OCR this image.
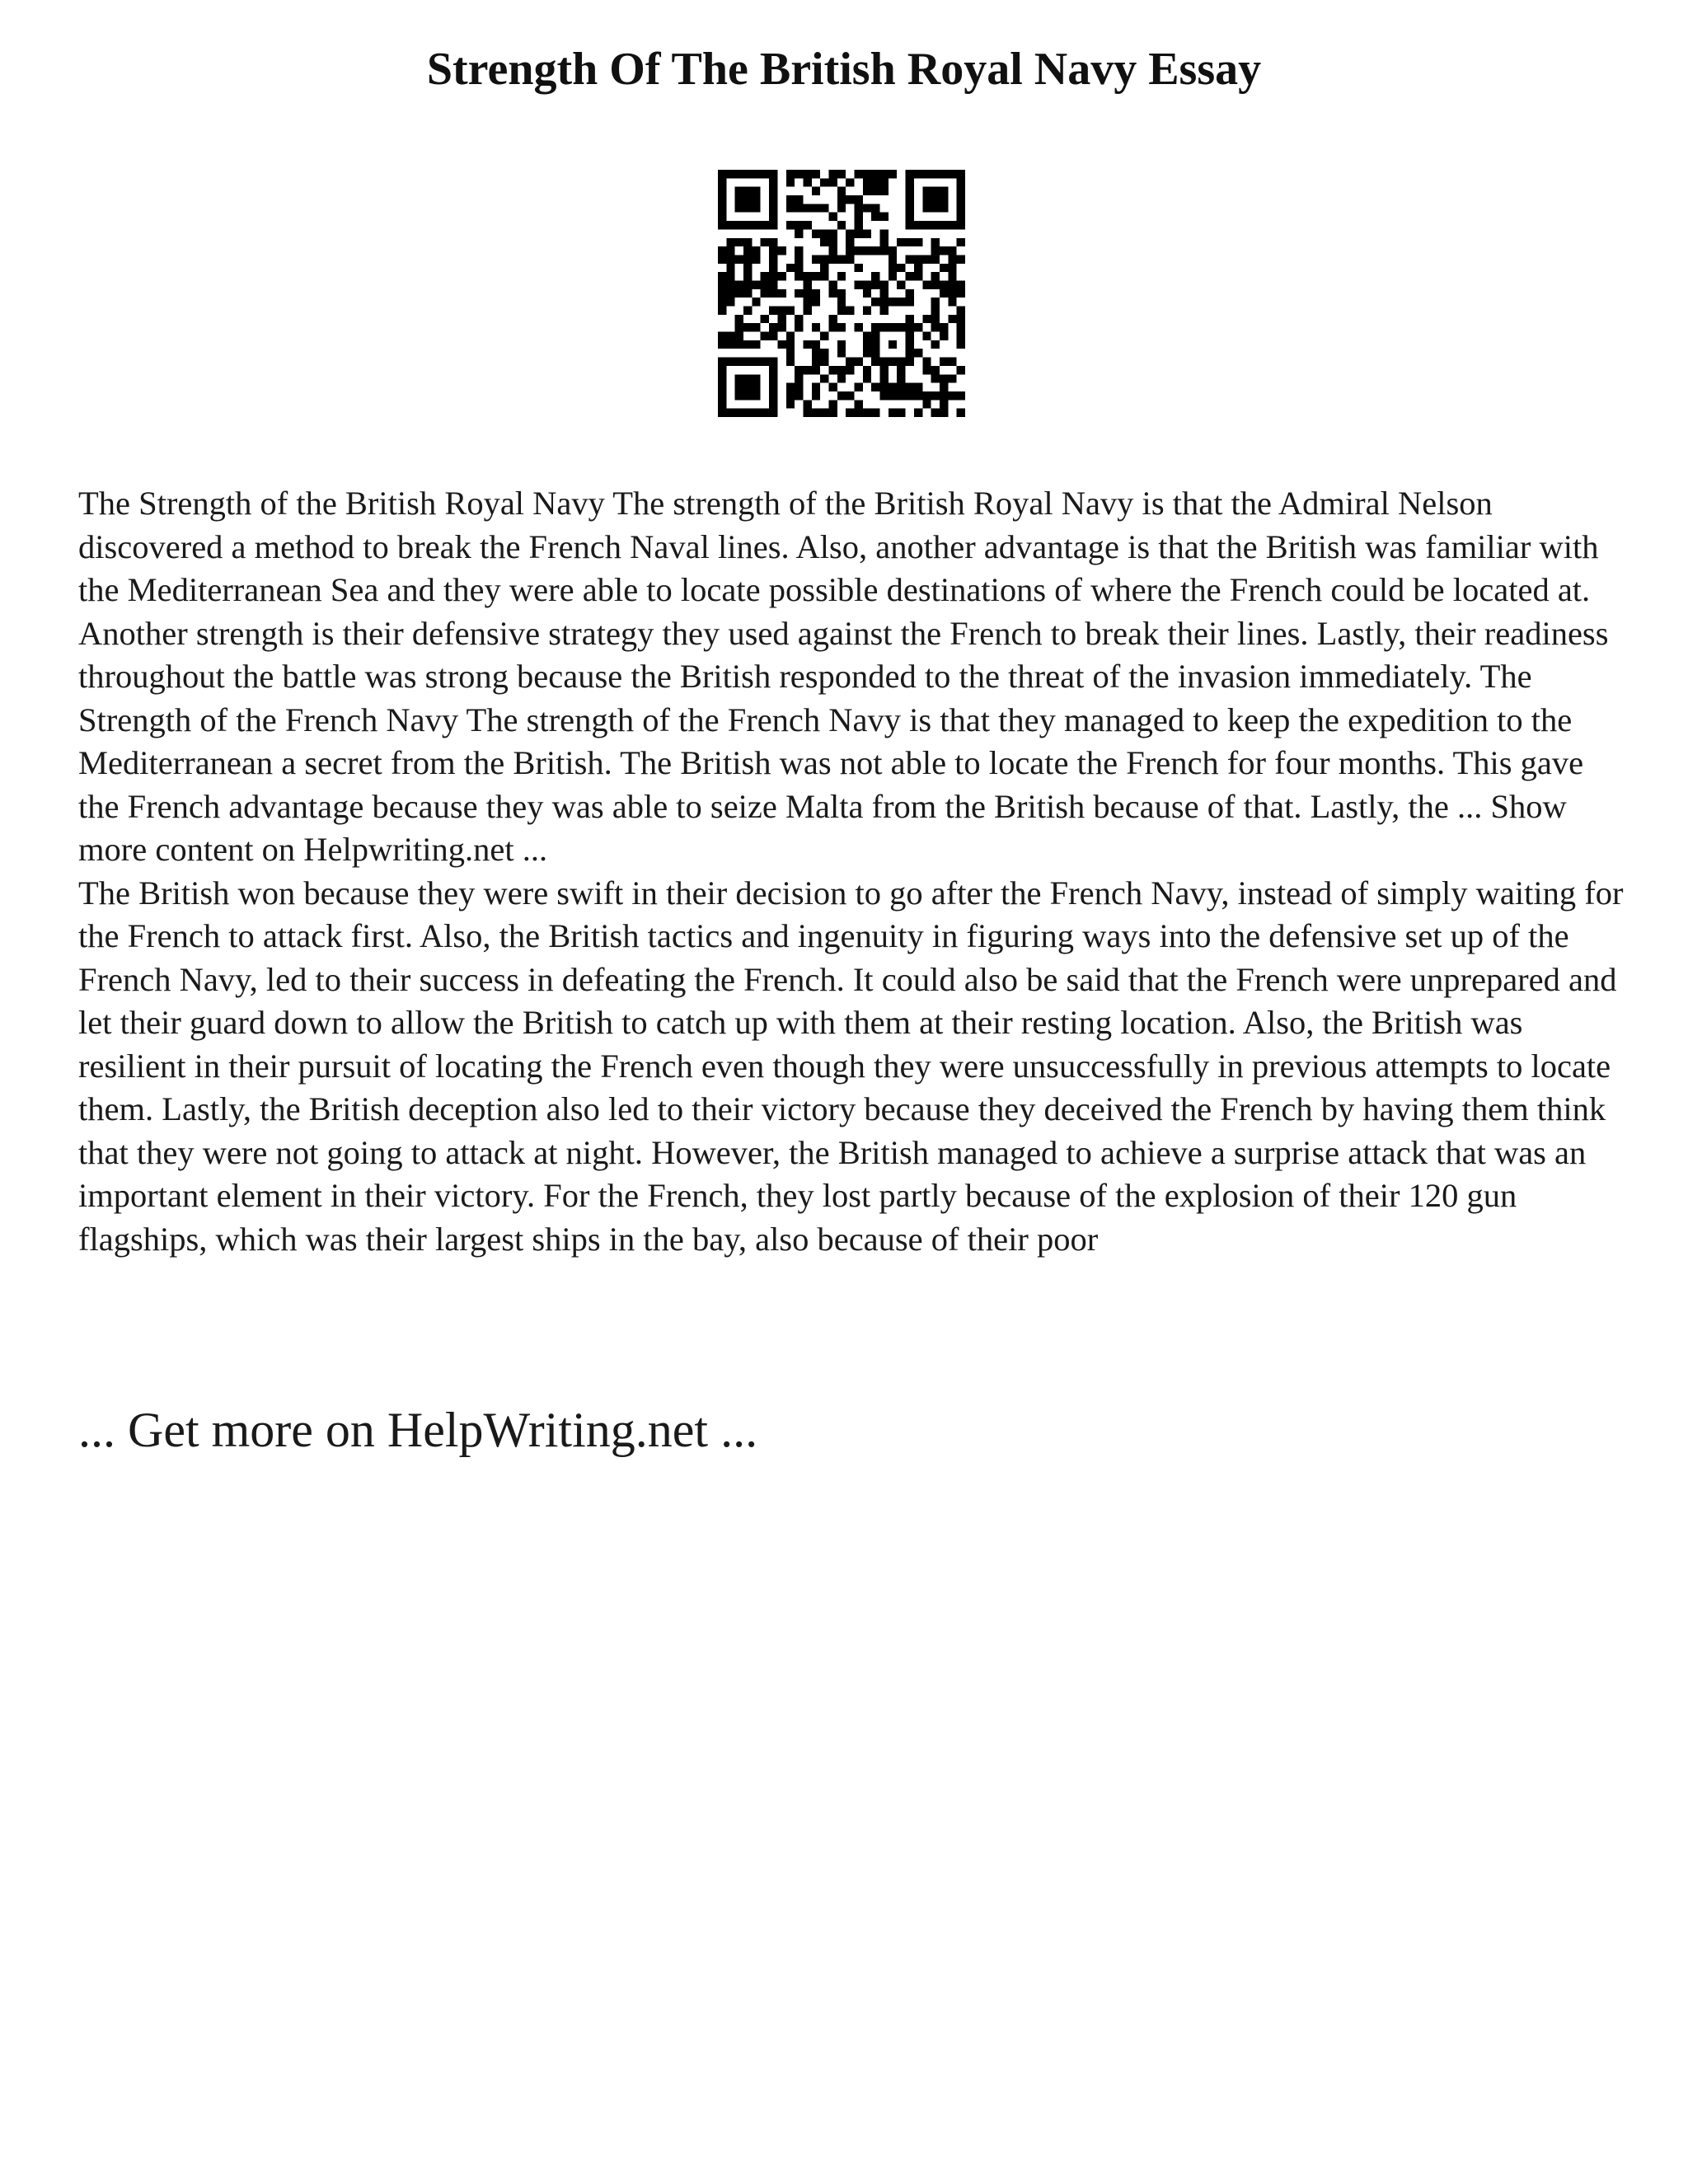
Strength Of The British Royal Navy Essay

The Strength of the British Royal Navy The strength of the British Royal Navy is that the Admiral Nelson discovered a method to break the French Naval lines. Also, another advantage is that the British was familiar with the Mediterranean Sea and they were able to locate possible destinations of where the French could be located at. Another strength is their defensive strategy they used against the French to break their lines. Lastly, their readiness throughout the battle was strong because the British responded to the threat of the invasion immediately. The Strength of the French Navy The strength of the French Navy is that they managed to keep the expedition to the Mediterranean a secret from the British. The British was not able to locate the French for four months. This gave the French advantage because they was able to seize Malta from the British because of that. Lastly, the ... Show more content on Helpwriting.net ...

The British won because they were swift in their decision to go after the French Navy, instead of simply waiting for the French to attack first. Also, the British tactics and ingenuity in figuring ways into the defensive set up of the French Navy, led to their success in defeating the French. It could also be said that the French were unprepared and let their guard down to allow the British to catch up with them at their resting location. Also, the British was resilient in their pursuit of locating the French even though they were unsuccessfully in previous attempts to locate them. Lastly, the British deception also led to their victory because they deceived the French by having them think that they were not going to attack at night. However, the British managed to achieve a surprise attack that was an important element in their victory. For the French, they lost partly because of the explosion of their 120 gun flagships, which was their largest ships in the bay, also because of their poor

... Get more on HelpWriting.net ...
